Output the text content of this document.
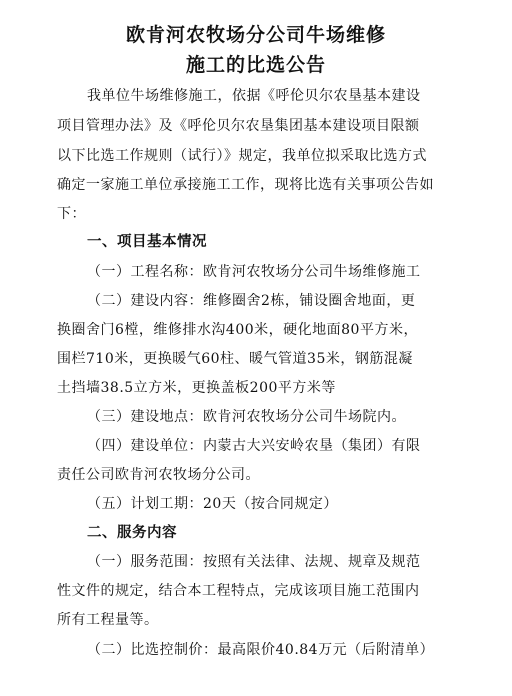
欧肯河农牧场分公司牛场维修
施工的比选公告
我单位牛场维修施工，依据《呼伦贝尔农垦基本建设
项目管理办法》及《呼伦贝尔农垦集团基本建设项目限额
以下比选工作规则（试行）》规定，我单位拟采取比选方式
确定一家施工单位承接施工工作，现将比选有关事项公告如
下：
一、项目基本情况
（一）工程名称：欧肯河农牧场分公司牛场维修施工
（二）建设内容：维修圈舍2栋，铺设圈舍地面，更
换圈舍门6樘，维修排水沟400米，硬化地面80平方米，
围栏710米，更换暖气60柱、暖气管道35米，钢筋混凝
土挡墙38.5立方米，更换盖板200平方米等
（三）建设地点：欧肯河农牧场分公司牛场院内。
（四）建设单位：内蒙古大兴安岭农垦（集团）有限
责任公司欧肯河农牧场分公司。
（五）计划工期：20天（按合同规定）
二、服务内容
（一）服务范围：按照有关法律、法规、规章及规范
性文件的规定，结合本工程特点，完成该项目施工范围内
所有工程量等。
（二）比选控制价：最高限价40.84万元（后附清单）
